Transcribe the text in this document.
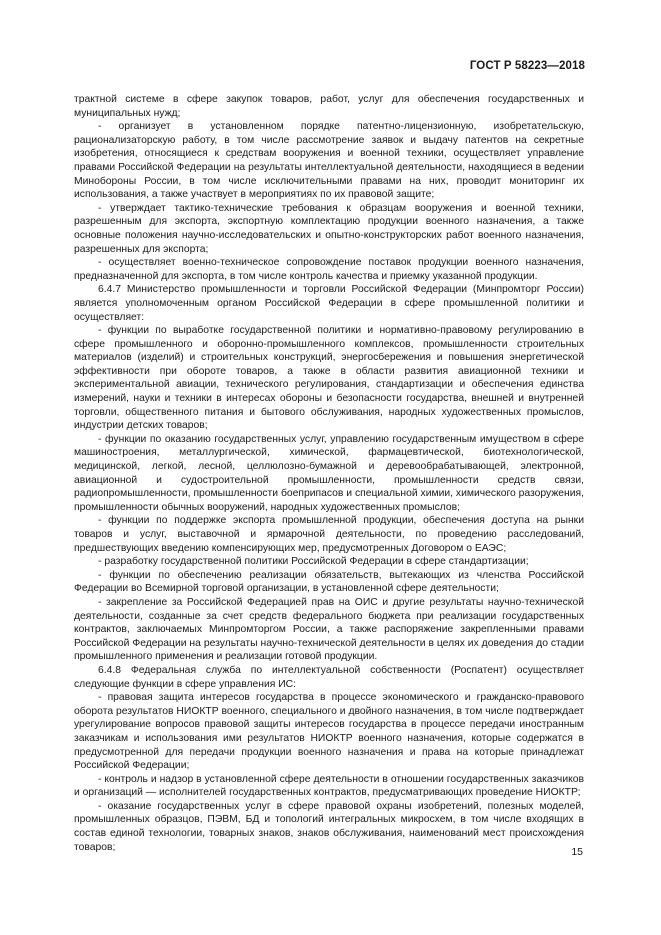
ГОСТ Р 58223—2018

трактной системе в сфере закупок товаров, работ, услуг для обеспечения государственных и муниципальных нужд;

- организует в установленном порядке патентно-лицензионную, изобретательскую, рационализаторскую работу, в том числе рассмотрение заявок и выдачу патентов на секретные изобретения, относящиеся к средствам вооружения и военной техники, осуществляет управление правами Российской Федерации на результаты интеллектуальной деятельности, находящиеся в ведении Минобороны России, в том числе исключительными правами на них, проводит мониторинг их использования, а также участвует в мероприятиях по их правовой защите;

- утверждает тактико-технические требования к образцам вооружения и военной техники, разрешенным для экспорта, экспортную комплектацию продукции военного назначения, а также основные положения научно-исследовательских и опытно-конструкторских работ военного назначения, разрешенных для экспорта;

- осуществляет военно-техническое сопровождение поставок продукции военного назначения, предназначенной для экспорта, в том числе контроль качества и приемку указанной продукции.

6.4.7 Министерство промышленности и торговли Российской Федерации (Минпромторг России) является уполномоченным органом Российской Федерации в сфере промышленной политики и осуществляет:

- функции по выработке государственной политики и нормативно-правовому регулированию в сфере промышленного и оборонно-промышленного комплексов, промышленности строительных материалов (изделий) и строительных конструкций, энергосбережения и повышения энергетической эффективности при обороте товаров, а также в области развития авиационной техники и экспериментальной авиации, технического регулирования, стандартизации и обеспечения единства измерений, науки и техники в интересах обороны и безопасности государства, внешней и внутренней торговли, общественного питания и бытового обслуживания, народных художественных промыслов, индустрии детских товаров;

- функции по оказанию государственных услуг, управлению государственным имуществом в сфере машиностроения, металлургической, химической, фармацевтической, биотехнологической, медицинской, легкой, лесной, целлюлозно-бумажной и деревообрабатывающей, электронной, авиационной и судостроительной промышленности, промышленности средств связи, радиопромышленности, промышленности боеприпасов и специальной химии, химического разоружения, промышленности обычных вооружений, народных художественных промыслов;

- функции по поддержке экспорта промышленной продукции, обеспечения доступа на рынки товаров и услуг, выставочной и ярмарочной деятельности, по проведению расследований, предшествующих введению компенсирующих мер, предусмотренных Договором о ЕАЭС;

- разработку государственной политики Российской Федерации в сфере стандартизации;

- функции по обеспечению реализации обязательств, вытекающих из членства Российской Федерации во Всемирной торговой организации, в установленной сфере деятельности;

- закрепление за Российской Федерацией прав на ОИС и другие результаты научно-технической деятельности, созданные за счет средств федерального бюджета при реализации государственных контрактов, заключаемых Минпромторгом России, а также распоряжение закрепленными правами Российской Федерации на результаты научно-технической деятельности в целях их доведения до стадии промышленного применения и реализации готовой продукции.

6.4.8 Федеральная служба по интеллектуальной собственности (Роспатент) осуществляет следующие функции в сфере управления ИС:

- правовая защита интересов государства в процессе экономического и гражданско-правового оборота результатов НИОКТР военного, специального и двойного назначения, в том числе подтверждает урегулирование вопросов правовой защиты интересов государства в процессе передачи иностранным заказчикам и использования ими результатов НИОКТР военного назначения, которые содержатся в предусмотренной для передачи продукции военного назначения и права на которые принадлежат Российской Федерации;

- контроль и надзор в установленной сфере деятельности в отношении государственных заказчиков и организаций — исполнителей государственных контрактов, предусматривающих проведение НИОКТР;

- оказание государственных услуг в сфере правовой охраны изобретений, полезных моделей, промышленных образцов, ПЭВМ, БД и топологий интегральных микросхем, в том числе входящих в состав единой технологии, товарных знаков, знаков обслуживания, наименований мест происхождения товаров;	15
